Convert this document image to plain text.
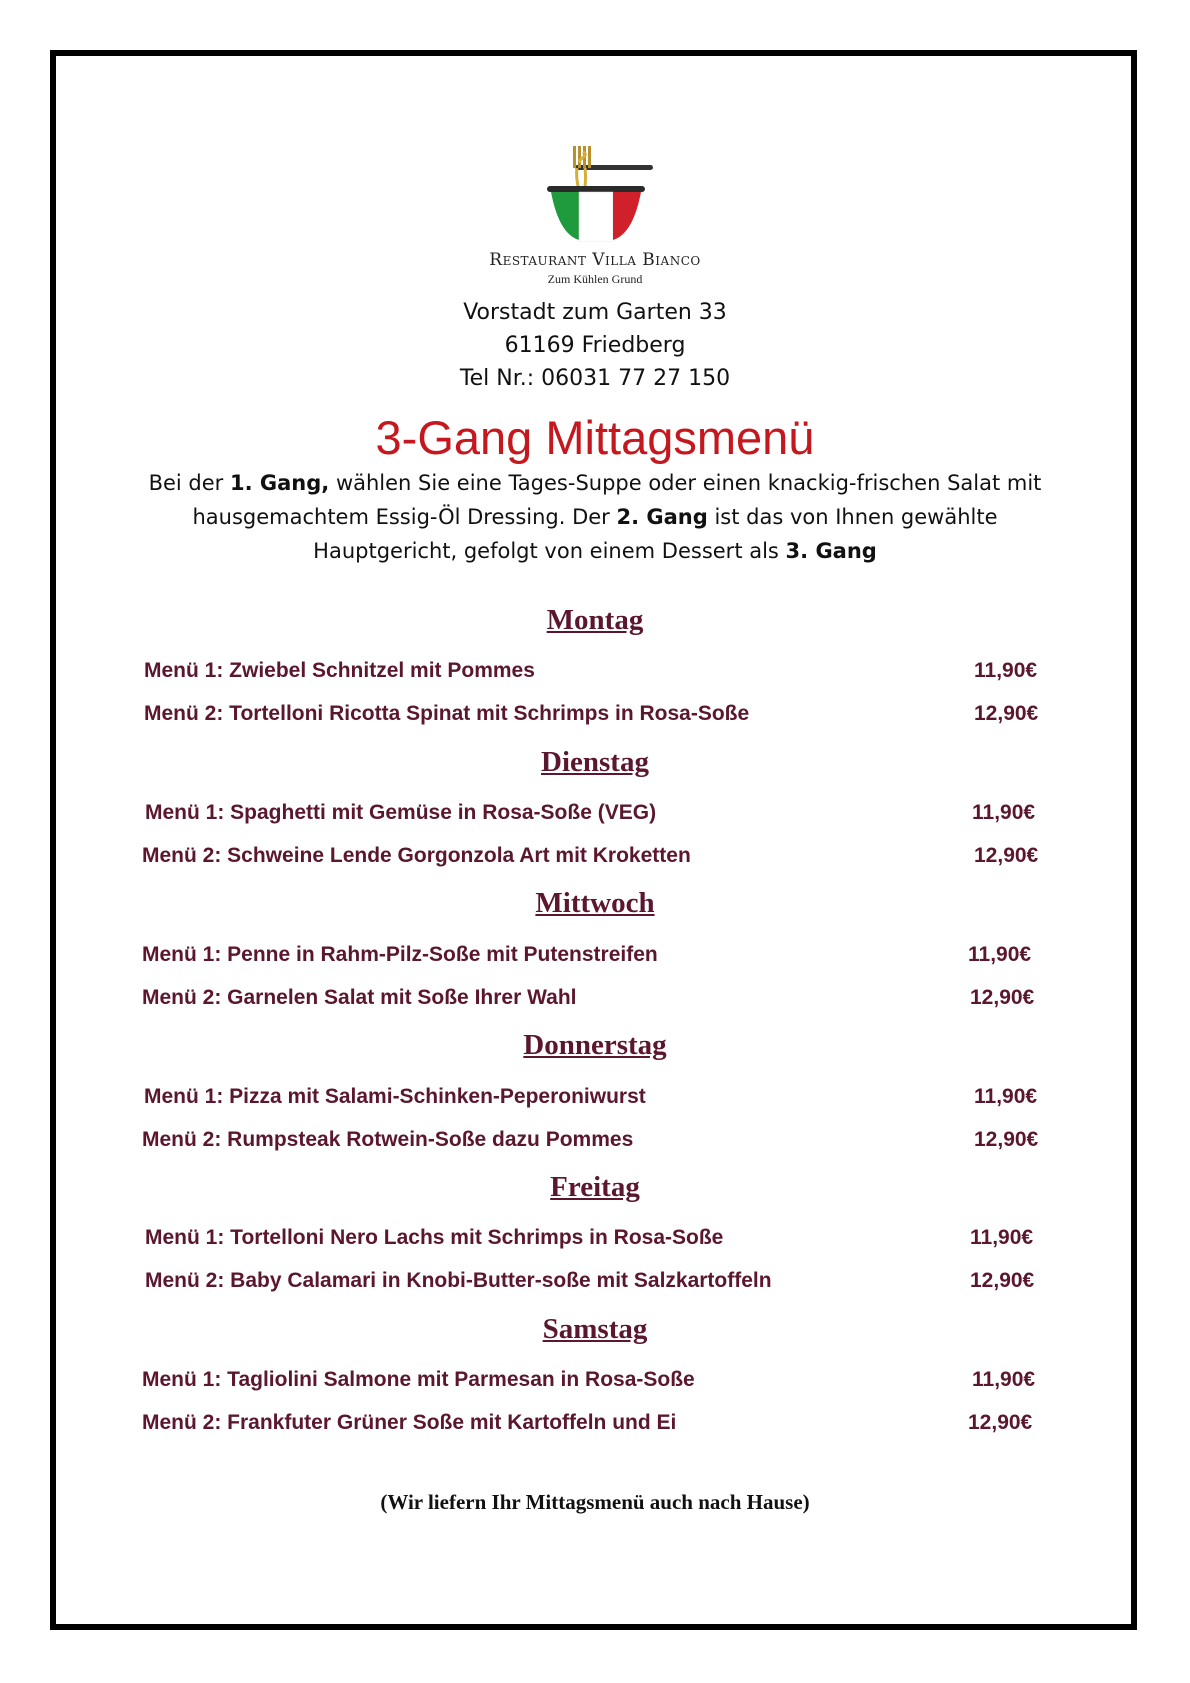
Restaurant Villa Bianco
Zum Kühlen Grund
Vorstadt zum Garten 33
61169 Friedberg
Tel Nr.: 06031 77 27 150
3-Gang Mittagsmenü
Bei der 1. Gang, wählen Sie eine Tages-Suppe oder einen knackig-frischen Salat mit hausgemachtem Essig-Öl Dressing. Der 2. Gang ist das von Ihnen gewählte Hauptgericht, gefolgt von einem Dessert als 3. Gang
Montag
Menü 1: Zwiebel Schnitzel mit Pommes	11,90€
Menü 2: Tortelloni Ricotta Spinat mit Schrimps in Rosa-Soße	12,90€
Dienstag
Menü 1: Spaghetti mit Gemüse in Rosa-Soße (VEG)	11,90€
Menü 2: Schweine Lende Gorgonzola Art mit Kroketten	12,90€
Mittwoch
Menü 1: Penne in Rahm-Pilz-Soße mit Putenstreifen	11,90€
Menü 2: Garnelen Salat mit Soße Ihrer Wahl	12,90€
Donnerstag
Menü 1: Pizza mit Salami-Schinken-Peperoniwurst	11,90€
Menü 2: Rumpsteak Rotwein-Soße dazu Pommes	12,90€
Freitag
Menü 1: Tortelloni Nero Lachs mit Schrimps in Rosa-Soße	11,90€
Menü 2: Baby Calamari in Knobi-Butter-soße mit Salzkartoffeln	12,90€
Samstag
Menü 1: Tagliolini Salmone mit Parmesan in Rosa-Soße	11,90€
Menü 2: Frankfuter Grüner Soße mit Kartoffeln und Ei	12,90€
(Wir liefern Ihr Mittagsmenü auch nach Hause)
